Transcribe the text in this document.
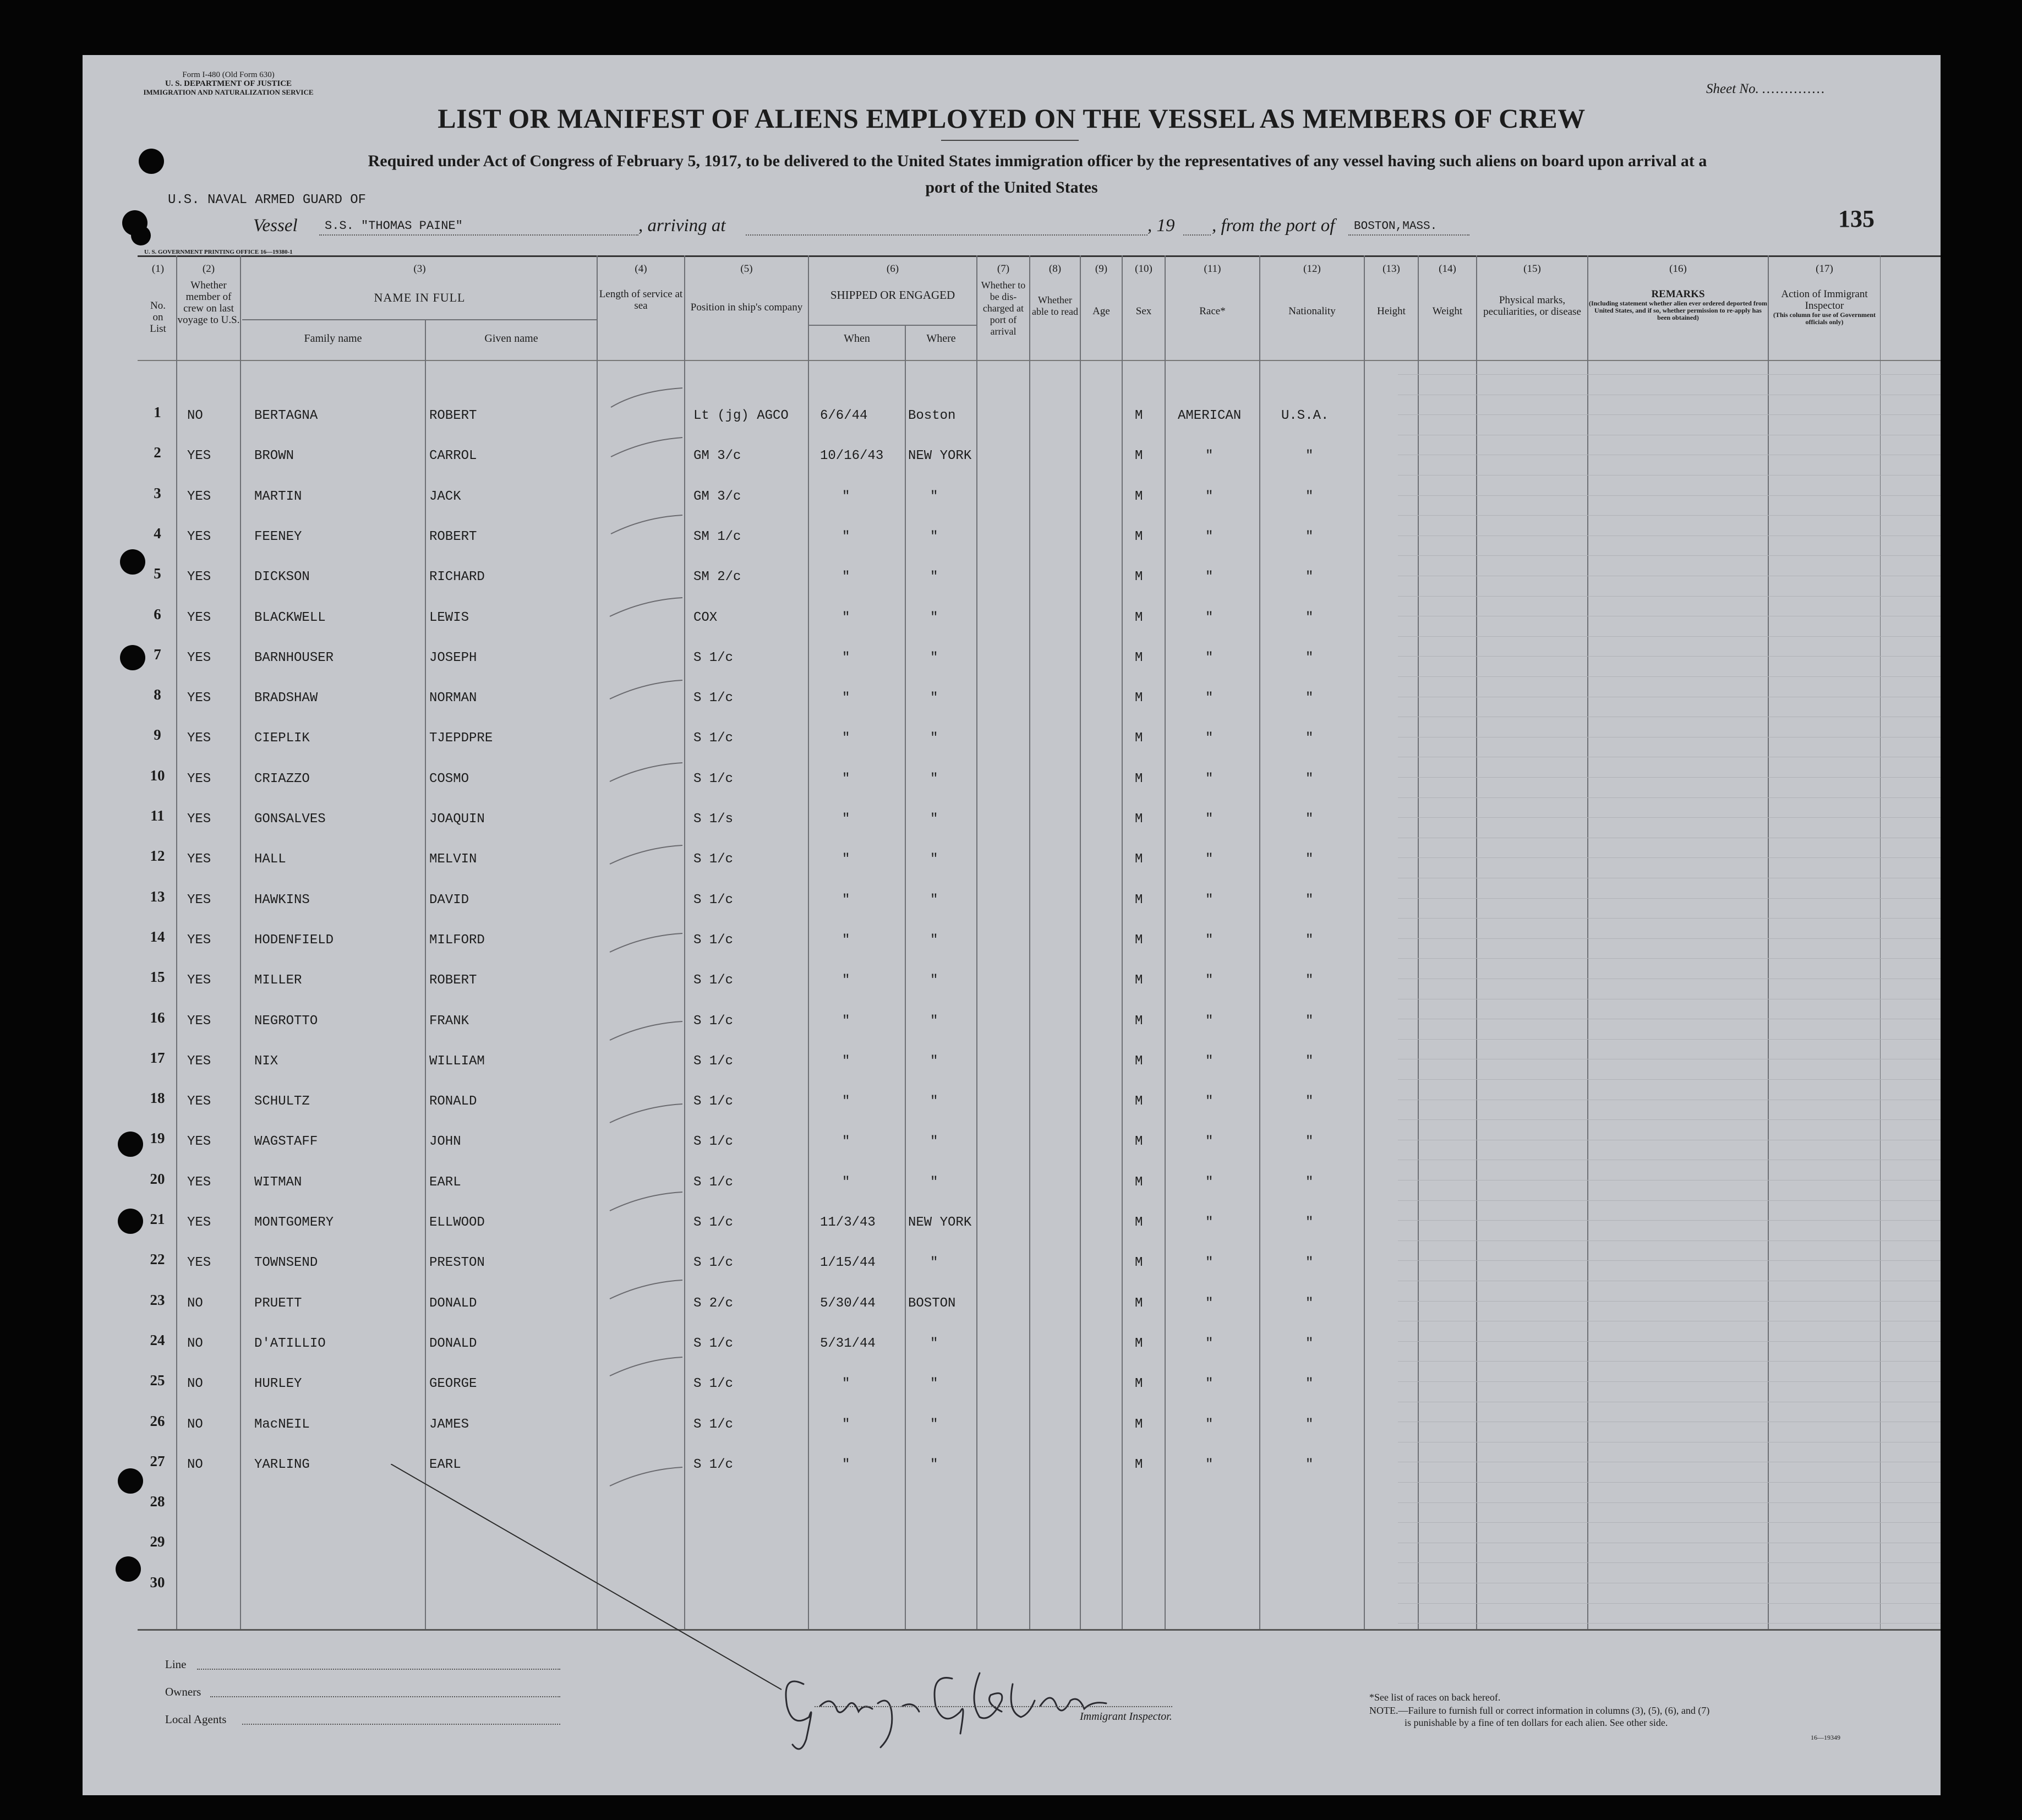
Form I-480 (Old Form 630)
U. S. DEPARTMENT OF JUSTICE
IMMIGRATION AND NATURALIZATION SERVICE	Sheet No. ..............
LIST OR MANIFEST OF ALIENS EMPLOYED ON THE VESSEL AS MEMBERS OF CREW
Required under Act of Congress of February 5, 1917, to be delivered to the United States immigration officer by the representatives of any vessel having such aliens on board upon arrival at a
U.S. NAVAL ARMED GUARD OF
port of the United States
135
Vessel S.S. "THOMAS PAINE"	, arriving at	, 19 , from the port of BOSTON,MASS.
U. S. GOVERNMENT PRINTING OFFICE 16—19380-1
(1)	(2)	(3)	(4)	(5)	(6)	(7)	(8)	(9)	(10)	(11)	(12)	(13)	(14)	(15)	(16)	(17)
No.
on
List
Whether member of crew on last voyage to U.S.
NAME IN FULL
Family name	Given name
Length of service at sea	Position in ship's company
SHIPPED OR ENGAGED
When	Where
Whether to be dis-charged at port of arrival
Whether able to read	Age	Sex	Race*	Nationality	Height	Weight
Physical marks, peculiarities, or disease
REMARKS
(Including statement whether alien ever ordered deported from United States, and if so, whether permission to re-apply has been obtained)
Action of Immigrant Inspector
(This column for use of Government officials only)
1	NO	BERTAGNA	ROBERT	Lt (jg) AGCO 6/6/44	Boston	M	AMERICAN	U.S.A.
2	YES	BROWN	CARROL	GM 3/c	10/16/43 NEW YORK	M	"	"
3	YES	MARTIN	JACK	GM 3/c	"	"	M	"	"
4	YES	FEENEY	ROBERT	SM 1/c	"	"	M	"	"
5	YES	DICKSON	RICHARD	SM 2/c	"	"	M	"	"
6	YES	BLACKWELL	LEWIS	COX	"	"	M	"	"
7	YES	BARNHOUSER	JOSEPH	S 1/c	"	"	M	"	"
8	YES	BRADSHAW	NORMAN	S 1/c	"	"	M	"	"
9	YES	CIEPLIK	TJEPDPRE	S 1/c	"	"	M	"	"
10	YES	CRIAZZO	COSMO	S 1/c	"	"	M	"	"
11	YES	GONSALVES	JOAQUIN	S 1/s	"	"	M	"	"
12	YES	HALL	MELVIN	S 1/c	"	"	M	"	"
13	YES	HAWKINS	DAVID	S 1/c	"	"	M	"	"
14	YES	HODENFIELD	MILFORD	S 1/c	"	"	M	"	"
15	YES	MILLER	ROBERT	S 1/c	"	"	M	"	"
16	YES	NEGROTTO	FRANK	S 1/c	"	"	M	"	"
17	YES	NIX	WILLIAM	S 1/c	"	"	M	"	"
18	YES	SCHULTZ	RONALD	S 1/c	"	"	M	"	"
19	YES	WAGSTAFF	JOHN	S 1/c	"	"	M	"	"
20	YES	WITMAN	EARL	S 1/c	"	"	M	"	"
21	YES	MONTGOMERY	ELLWOOD	S 1/c	11/3/43 NEW YORK	M	"	"
22	YES	TOWNSEND	PRESTON	S 1/c	1/15/44	"	M	"	"
23	NO	PRUETT	DONALD	S 2/c	5/30/44 BOSTON	M	"	"
24	NO	D'ATILLIO	DONALD	S 1/c	5/31/44	"	M	"	"
25	NO	HURLEY	GEORGE	S 1/c	"	"	M	"	"
26	NO	MacNEIL	JAMES	S 1/c	"	"	M	"	"
27	NO	YARLING	EARL	S 1/c	"	"	M	"	"
28
29
30
Line
Owners
Local Agents	Immigrant Inspector.
*See list of races on back hereof.
NOTE.—Failure to furnish full or correct information in columns (3), (5), (6), and (7)
is punishable by a fine of ten dollars for each alien. See other side.
16—19349
